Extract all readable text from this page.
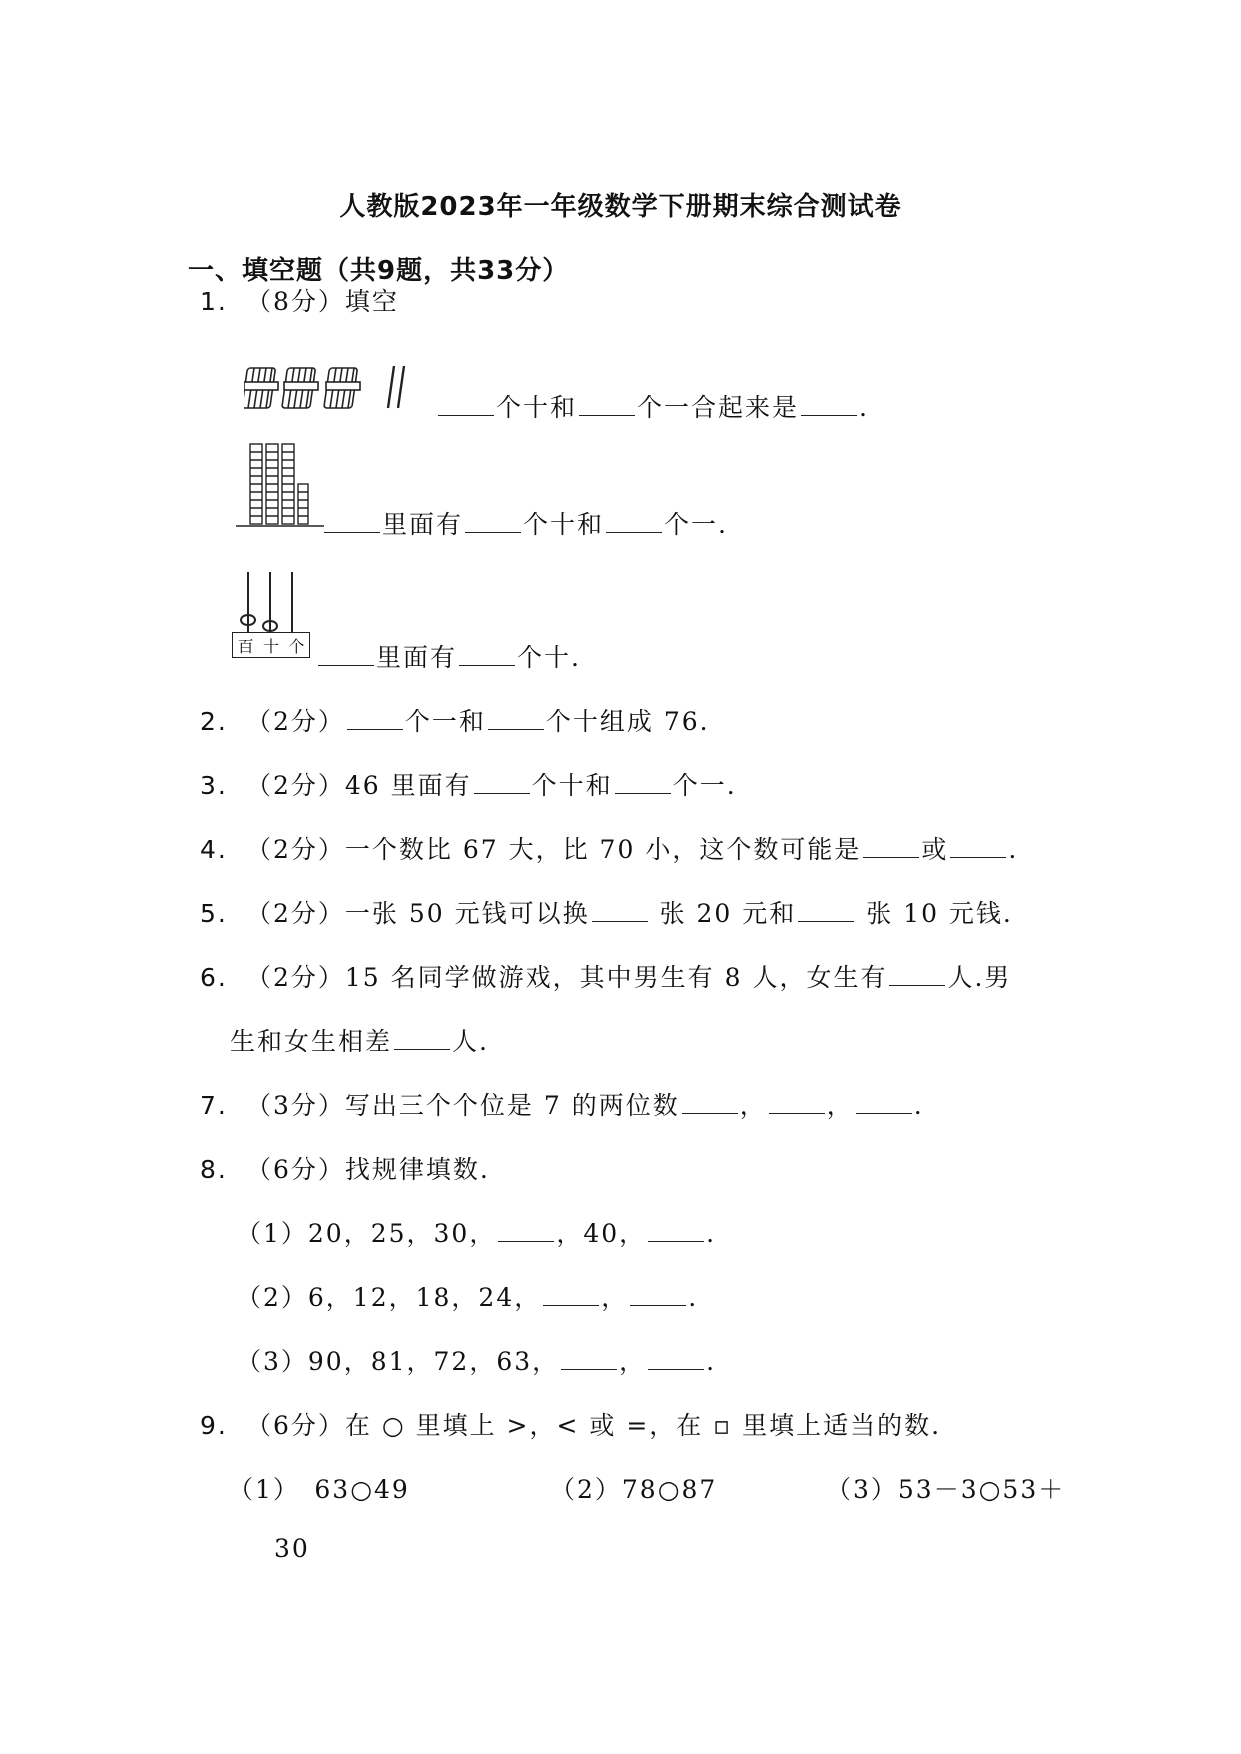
人教版2023年一年级数学下册期末综合测试卷
一、填空题（共9题，共33分）
1. （8分）填空
个十和 个一合起来是 .
里面有 个十和 个一.
百 十 个	里面有 个十.
2. （2分） 个一和 个十组成 76.
3. （2分）46 里面有 个十和 个一.
4. （2分）一个数比 67 大，比 70 小，这个数可能是 或 .
5. （2分）一张 50 元钱可以换 张 20 元和 张 10 元钱.
6. （2分）15 名同学做游戏，其中男生有 8 人，女生有 人.男
生和女生相差 人.
7. （3分）写出三个个位是 7 的两位数 ， ， .
8. （6分）找规律填数.
（1）20，25，30， ，40， .
（2）6，12，18，24， ， .
（3）90，81，72，63， ， .
9. （6分）在 ○ 里填上 >，< 或 =，在 ▫ 里填上适当的数.
（1）　63○49	（2）78○87	（3）53－3○53＋
30
